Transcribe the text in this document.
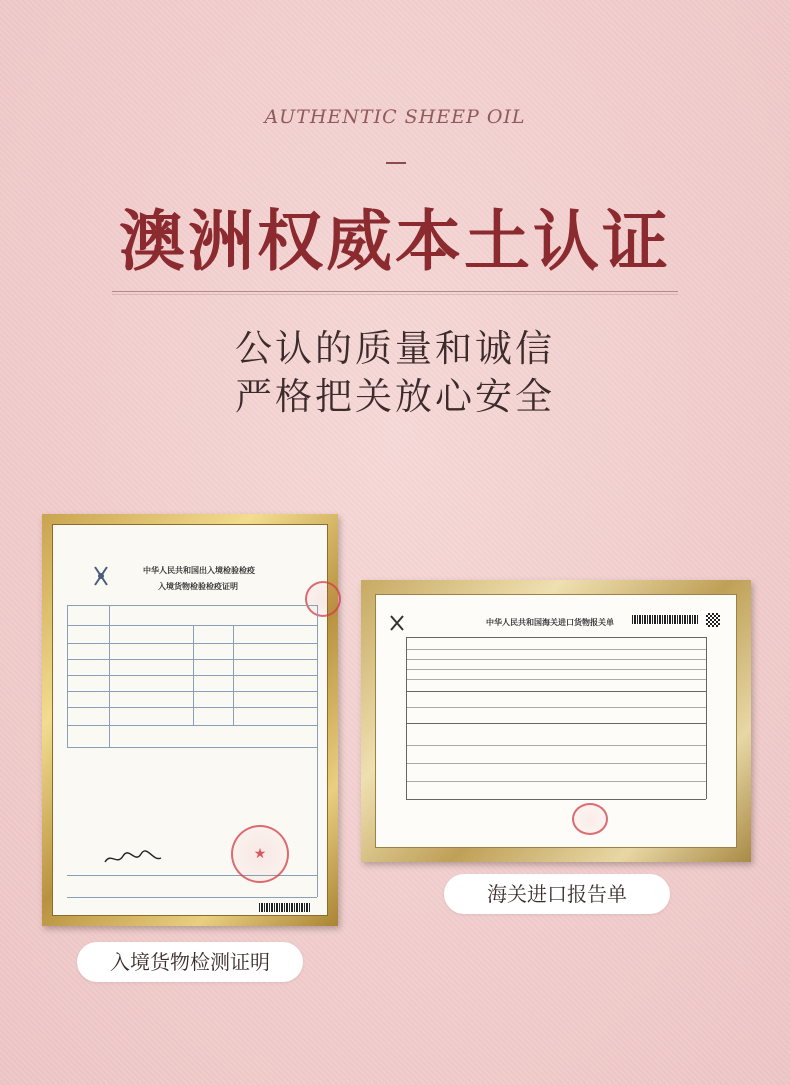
AUTHENTIC SHEEP OIL
澳洲权威本土认证
公认的质量和诚信
严格把关放心安全
中华人民共和国出入境检验检疫
入境货物检验检疫证明
★
入境货物检测证明
中华人民共和国海关进口货物报关单
海关进口报告单
